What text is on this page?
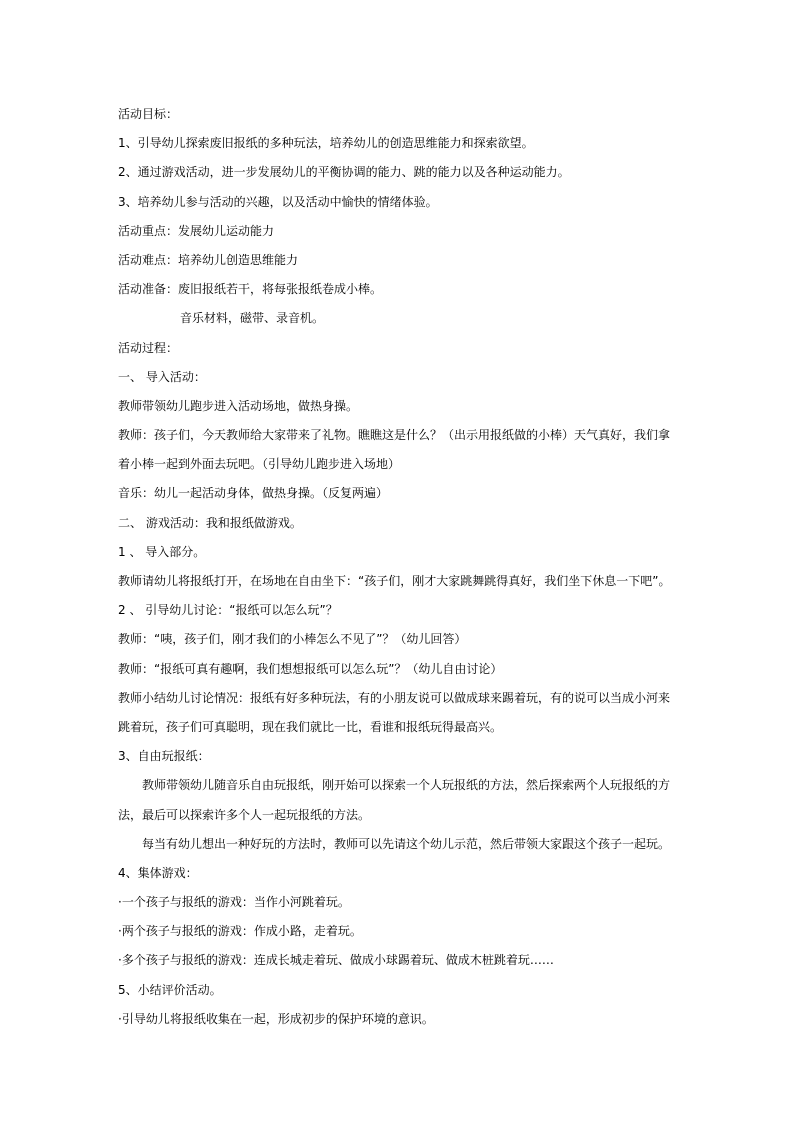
活动目标：
1、引导幼儿探索废旧报纸的多种玩法，培养幼儿的创造思维能力和探索欲望。
2、通过游戏活动，进一步发展幼儿的平衡协调的能力、跳的能力以及各种运动能力。
3、培养幼儿参与活动的兴趣，以及活动中愉快的情绪体验。
活动重点：发展幼儿运动能力
活动难点：培养幼儿创造思维能力
活动准备：废旧报纸若干，将每张报纸卷成小棒。
音乐材料，磁带、录音机。
活动过程：
一、 导入活动：
教师带领幼儿跑步进入活动场地，做热身操。
教师：孩子们，今天教师给大家带来了礼物。瞧瞧这是什么？（出示用报纸做的小棒）天气真好，我们拿
着小棒一起到外面去玩吧。（引导幼儿跑步进入场地）
音乐：幼儿一起活动身体，做热身操。（反复两遍）
二、 游戏活动：我和报纸做游戏。
1 、 导入部分。
教师请幼儿将报纸打开，在场地在自由坐下：“孩子们，刚才大家跳舞跳得真好，我们坐下休息一下吧”。
2 、 引导幼儿讨论：“报纸可以怎么玩”？
教师：“咦，孩子们，刚才我们的小棒怎么不见了”？（幼儿回答）
教师：“报纸可真有趣啊，我们想想报纸可以怎么玩”？（幼儿自由讨论）
教师小结幼儿讨论情况：报纸有好多种玩法，有的小朋友说可以做成球来踢着玩，有的说可以当成小河来
跳着玩，孩子们可真聪明，现在我们就比一比，看谁和报纸玩得最高兴。
3、自由玩报纸：
教师带领幼儿随音乐自由玩报纸，刚开始可以探索一个人玩报纸的方法，然后探索两个人玩报纸的方
法，最后可以探索许多个人一起玩报纸的方法。
每当有幼儿想出一种好玩的方法时，教师可以先请这个幼儿示范，然后带领大家跟这个孩子一起玩。
4、集体游戏：
·一个孩子与报纸的游戏：当作小河跳着玩。
·两个孩子与报纸的游戏：作成小路，走着玩。
·多个孩子与报纸的游戏：连成长城走着玩、做成小球踢着玩、做成木桩跳着玩……
5、小结评价活动。
·引导幼儿将报纸收集在一起，形成初步的保护环境的意识。
